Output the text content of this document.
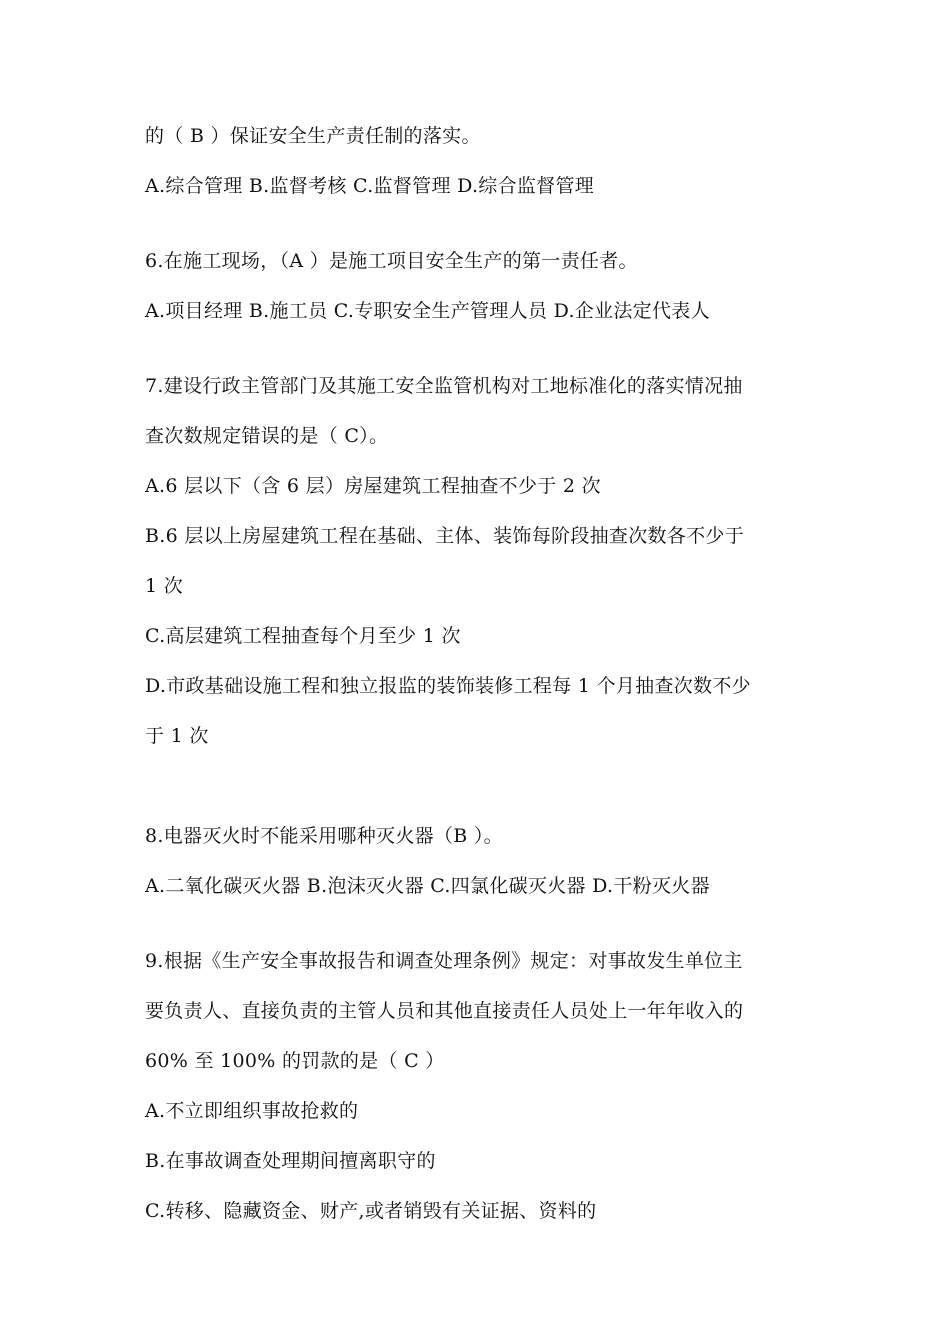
的（ B ）保证安全生产责任制的落实。
A.综合管理 B.监督考核 C.监督管理 D.综合监督管理
6.在施工现场，（A ）是施工项目安全生产的第一责任者。
A.项目经理 B.施工员 C.专职安全生产管理人员 D.企业法定代表人
7.建设行政主管部门及其施工安全监管机构对工地标准化的落实情况抽
查次数规定错误的是（ C）。
A.6 层以下（含 6 层）房屋建筑工程抽查不少于 2 次
B.6 层以上房屋建筑工程在基础、主体、装饰每阶段抽查次数各不少于
1 次
C.高层建筑工程抽查每个月至少 1 次
D.市政基础设施工程和独立报监的装饰装修工程每 1 个月抽查次数不少
于 1 次
8.电器灭火时不能采用哪种灭火器（B ）。
A.二氧化碳灭火器 B.泡沫灭火器 C.四氯化碳灭火器 D.干粉灭火器
9.根据《生产安全事故报告和调查处理条例》规定：对事故发生单位主
要负责人、直接负责的主管人员和其他直接责任人员处上一年年收入的
60% 至 100% 的罚款的是（ C ）
A.不立即组织事故抢救的
B.在事故调查处理期间擅离职守的
C.转移、隐藏资金、财产,或者销毁有关证据、资料的
